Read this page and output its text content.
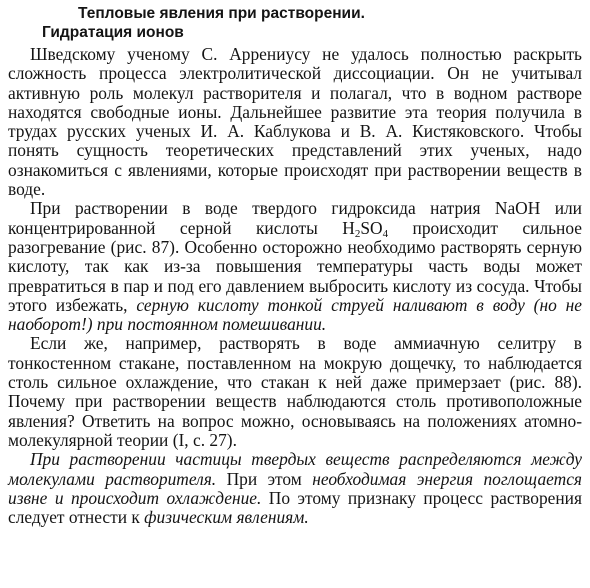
Тепловые явления при растворении.
Гидратация ионов

Шведскому ученому С. Аррениусу не удалось полностью раскрыть сложность процесса электролитической диссоциации. Он не учитывал активную роль молекул растворителя и полагал, что в водном растворе находятся свободные ионы. Дальнейшее развитие эта теория получила в трудах русских ученых И. А. Каблукова и В. А. Кистяковского. Чтобы понять сущность теоретических представлений этих ученых, надо ознакомиться с явлениями, которые происходят при растворении веществ в воде.

При растворении в воде твердого гидроксида натрия NaOH или концентрированной серной кислоты $H_2SO_4$ происходит сильное разогревание (рис. 87). Особенно осторожно необходимо растворять серную кислоту, так как из-за повышения температуры часть воды может превратиться в пар и под его давлением выбросить кислоту из сосуда. Чтобы этого избежать, серную кислоту тонкой струей наливают в воду (но не наоборот!) при постоянном помешивании.

Если же, например, растворять в воде аммиачную селитру в тонкостенном стакане, поставленном на мокрую дощечку, то наблюдается столь сильное охлаждение, что стакан к ней даже примерзает (рис. 88). Почему при растворении веществ наблюдаются столь противоположные явления? Ответить на вопрос можно, основываясь на положениях атомно-молекулярной теории (I, с. 27).

При растворении частицы твердых веществ распределяются между молекулами растворителя. При этом необходимая энергия поглощается извне и происходит охлаждение. По этому признаку процесс растворения следует отнести к физическим явлениям.
